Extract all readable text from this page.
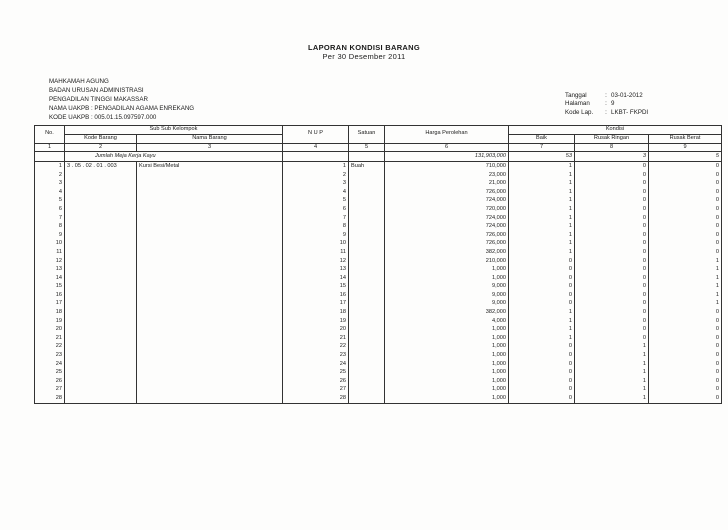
LAPORAN KONDISI BARANG
Per 30 Desember 2011
MAHKAMAH AGUNG
BADAN URUSAN ADMINISTRASI
PENGADILAN TINGGI MAKASSAR
NAMA UAKPB : PENGADILAN AGAMA ENREKANG
KODE UAKPB : 005.01.15.097597.000
Tanggal	: 03-01-2012
Halaman	: 9
Kode Lap.	: LKBT- FKPDI
No.	Sub Sub Kelompok		N U P	Satuan	Harga Perolehan	Kondisi		
	Kode Barang	Nama Barang				Baik	Rusak Ringan	Rusak Berat
1	2	3	4	5	6	7	8	9
	Jumlah Meja Kerja Kayu				131,903,000	53	3	5
1	3 . 05 . 02 . 01 . 003	Kursi Besi/Metal	1	Buah	710,000	1	0	0
2			2		23,000	1	0	0
3			3		21,000	1	0	0
4			4		726,000	1	0	0
5			5		724,000	1	0	0
6			6		720,000	1	0	0
7			7		724,000	1	0	0
8			8		724,000	1	0	0
9			9		726,000	1	0	0
10			10		726,000	1	0	0
11			11		382,000	1	0	0
12			12		210,000	0	0	1
13			13		1,000	0	0	1
14			14		1,000	0	0	1
15			15		9,000	0	0	1
16			16		9,000	0	0	1
17			17		9,000	0	0	1
18			18		382,000	1	0	0
19			19		4,000	1	0	0
20			20		1,000	1	0	0
21			21		1,000	1	0	0
22			22		1,000	0	1	0
23			23		1,000	0	1	0
24			24		1,000	0	1	0
25			25		1,000	0	1	0
26			26		1,000	0	1	0
27			27		1,000	0	1	0
28			28		1,000	0	1	0
